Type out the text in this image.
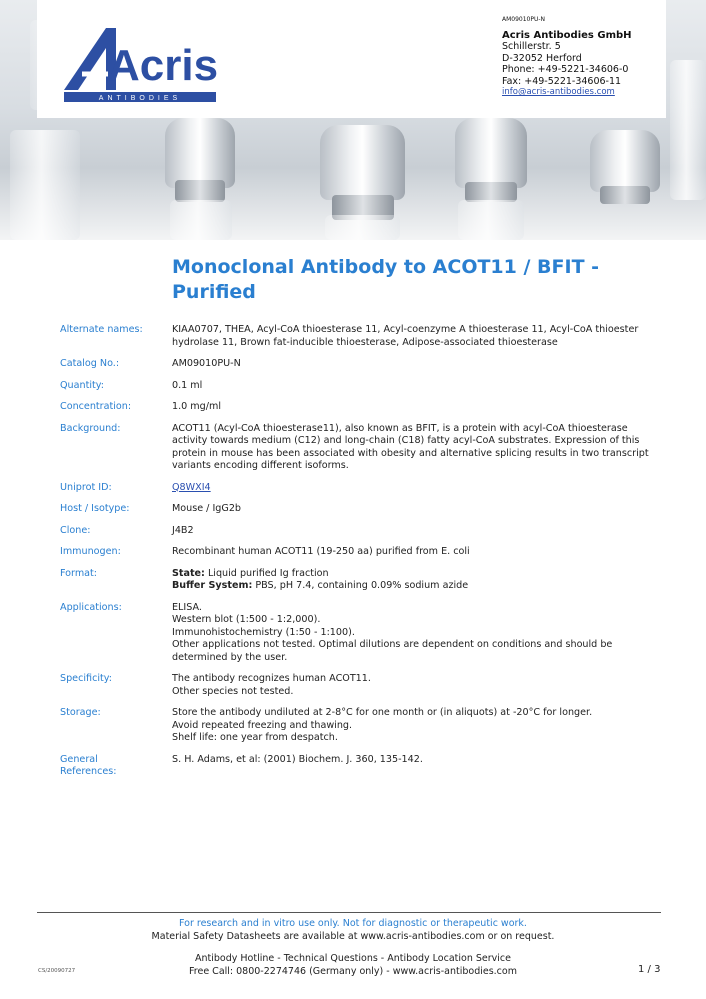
Acris
ANTIBODIES
AM09010PU-N
Acris Antibodies GmbH
Schillerstr. 5
D-32052 Herford
Phone: +49-5221-34606-0
Fax: +49-5221-34606-11
info@acris-antibodies.com
Monoclonal Antibody to ACOT11 / BFIT - Purified
Alternate names:	KIAA0707, THEA, Acyl-CoA thioesterase 11, Acyl-coenzyme A thioesterase 11, Acyl-CoA thioester hydrolase 11, Brown fat-inducible thioesterase, Adipose-associated thioesterase
Catalog No.:	AM09010PU-N
Quantity:	0.1 ml
Concentration:	1.0 mg/ml
Background:	ACOT11 (Acyl-CoA thioesterase11), also known as BFIT, is a protein with acyl-CoA thioesterase activity towards medium (C12) and long-chain (C18) fatty acyl-CoA substrates. Expression of this protein in mouse has been associated with obesity and alternative splicing results in two transcript variants encoding different isoforms.
Uniprot ID:	Q8WXI4
Host / Isotype:	Mouse / IgG2b
Clone:	J4B2
Immunogen:	Recombinant human ACOT11 (19-250 aa) purified from E. coli
Format:	State: Liquid purified Ig fraction
Buffer System: PBS, pH 7.4, containing 0.09% sodium azide
Applications:	ELISA.
Western blot (1:500 - 1:2,000).
Immunohistochemistry (1:50 - 1:100).
Other applications not tested. Optimal dilutions are dependent on conditions and should be determined by the user.
Specificity:	The antibody recognizes human ACOT11.
Other species not tested.
Storage:	Store the antibody undiluted at 2-8°C for one month or (in aliquots) at -20°C for longer.
Avoid repeated freezing and thawing.
Shelf life: one year from despatch.
General
References:
S. H. Adams, et al: (2001) Biochem. J. 360, 135-142.
For research and in vitro use only. Not for diagnostic or therapeutic work.
Material Safety Datasheets are available at www.acris-antibodies.com or on request.
Antibody Hotline - Technical Questions - Antibody Location Service
Free Call: 0800-2274746 (Germany only) - www.acris-antibodies.com
CS/20090727	1 / 3
